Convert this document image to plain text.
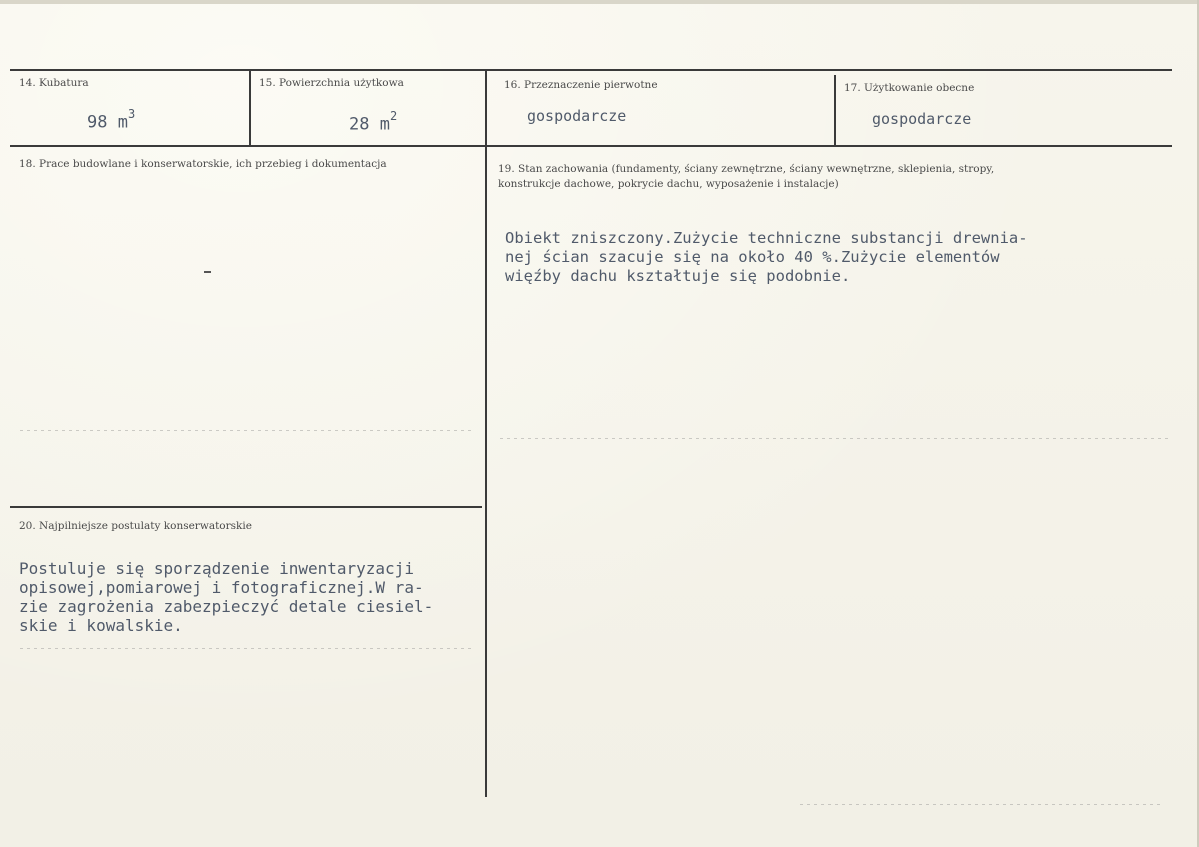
14. Kubatura
98 $m^3$
15. Powierzchnia użytkowa
28 $m^2$
16. Przeznaczenie pierwotne
gospodarcze
17. Użytkowanie obecne
gospodarcze
18. Prace budowlane i konserwatorskie, ich przebieg i dokumentacja	19. Stan zachowania (fundamenty, ściany zewnętrzne, ściany wewnętrzne, sklepienia, stropy,
konstrukcje dachowe, pokrycie dachu, wyposażenie i instalacje)
Obiekt zniszczony.Zużycie techniczne substancji drewnia-
nej ścian szacuje się na około 40 %.Zużycie elementów
więźby dachu kształtuje się podobnie.
20. Najpilniejsze postulaty konserwatorskie
Postuluje się sporządzenie inwentaryzacji
opisowej,pomiarowej i fotograficznej.W ra-
zie zagrożenia zabezpieczyć detale ciesiel-
skie i kowalskie.
